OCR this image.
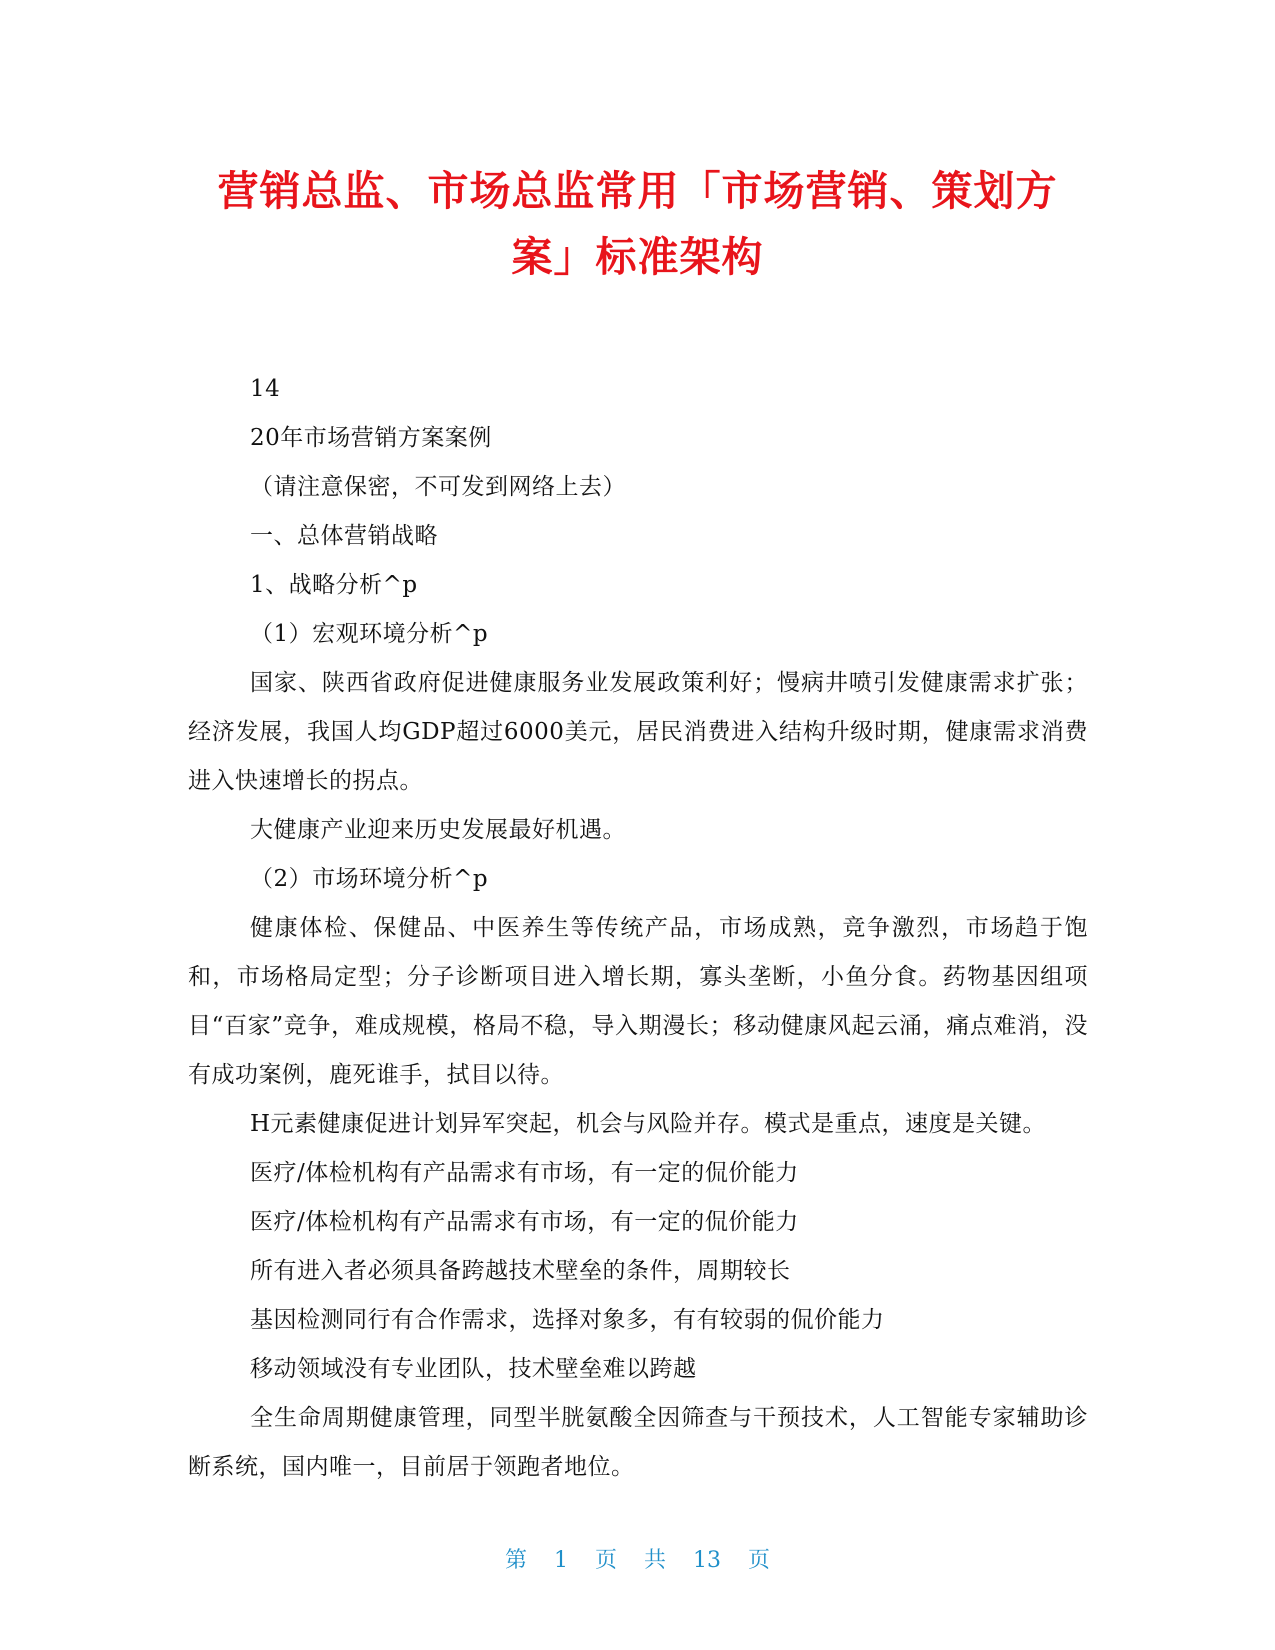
营销总监、市场总监常用「市场营销、策划方
案」标准架构

14

20年市场营销方案案例

（请注意保密，不可发到网络上去）

一、总体营销战略

1、战略分析^p

（1）宏观环境分析^p

国家、陕西省政府促进健康服务业发展政策利好；慢病井喷引发健康需求扩张；经济发展，我国人均GDP超过6000美元，居民消费进入结构升级时期，健康需求消费进入快速增长的拐点。

大健康产业迎来历史发展最好机遇。

（2）市场环境分析^p

健康体检、保健品、中医养生等传统产品，市场成熟，竞争激烈，市场趋于饱和，市场格局定型；分子诊断项目进入增长期，寡头垄断，小鱼分食。药物基因组项目“百家”竞争，难成规模，格局不稳，导入期漫长；移动健康风起云涌，痛点难消，没有成功案例，鹿死谁手，拭目以待。

H元素健康促进计划异军突起，机会与风险并存。模式是重点，速度是关键。

医疗/体检机构有产品需求有市场，有一定的侃价能力

医疗/体检机构有产品需求有市场，有一定的侃价能力

所有进入者必须具备跨越技术壁垒的条件，周期较长

基因检测同行有合作需求，选择对象多，有有较弱的侃价能力

移动领域没有专业团队，技术壁垒难以跨越

全生命周期健康管理，同型半胱氨酸全因筛查与干预技术，人工智能专家辅助诊断系统，国内唯一，目前居于领跑者地位。

第 1 页 共 13 页
